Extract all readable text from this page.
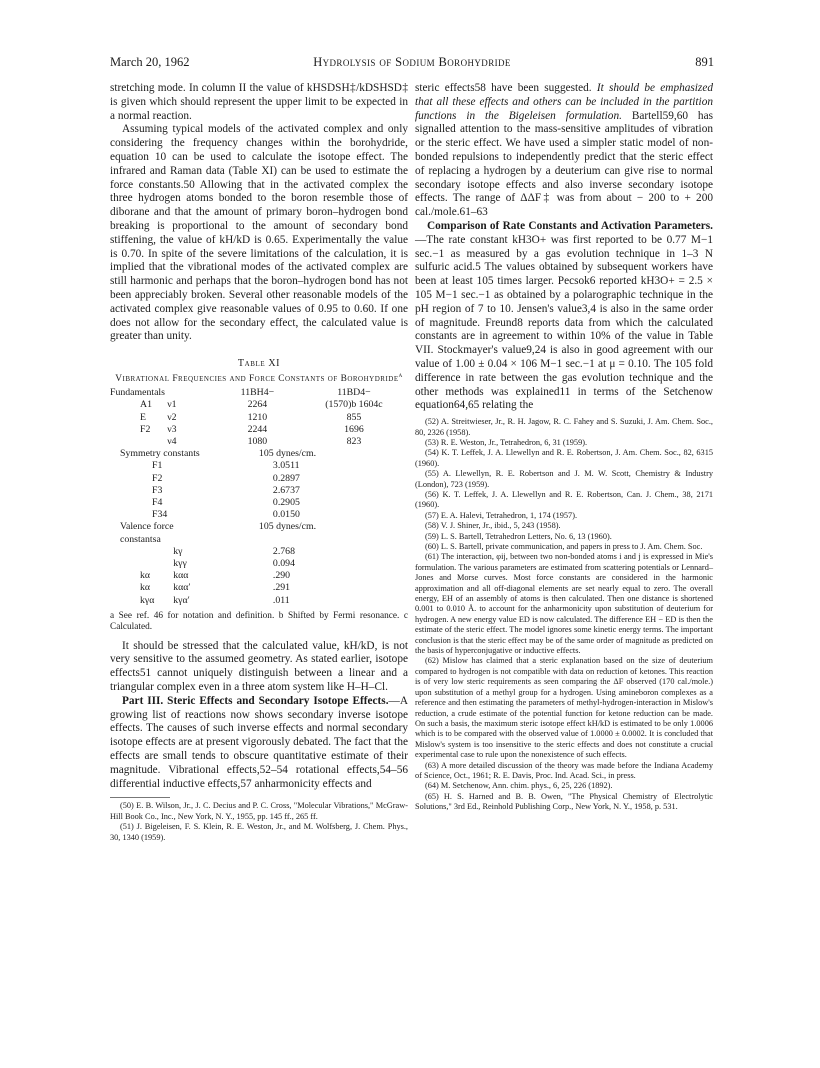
March 20, 1962	Hydrolysis of Sodium Borohydride	891

stretching mode. In column II the value of kHSDSH‡/kDSHSD‡ is given which should represent the upper limit to be expected in a normal reaction.

Assuming typical models of the activated complex and only considering the frequency changes within the borohydride, equation 10 can be used to calculate the isotope effect. The infrared and Raman data (Table XI) can be used to estimate the force constants.50 Allowing that in the activated complex the three hydrogen atoms bonded to the boron resemble those of diborane and that the amount of primary boron–hydrogen bond breaking is proportional to the amount of secondary bond stiffening, the value of kH/kD is 0.65. Experimentally the value is 0.70. In spite of the severe limitations of the calculation, it is implied that the vibrational modes of the activated complex are still harmonic and perhaps that the boron–hydrogen bond has not been appreciably broken. Several other reasonable models of the activated complex give reasonable values of 0.95 to 0.60. If one does not allow for the secondary effect, the calculated value is greater than unity.

Table XI
Vibrational Frequencies and Force Constants of Borohydride$^a$
Fundamentals		11BH4−	11BD4−
A1	ν1	2264	(1570)b 1604c
E	ν2	1210	855
F2	ν3	2244	1696
	ν4	1080	823
Symmetry constants		105 dynes/cm.	
F1		3.0511	
F2		0.2897	
F3		2.6737	
F4		0.2905	
F34		0.0150	
Valence force constantsa		105 dynes/cm.	
	kγ	2.768	
	kγγ	0.094	
kα	kαα	.290	
kα	kαα′	.291	
kγα	kγα′	.011	
a See ref. 46 for notation and definition. b Shifted by Fermi resonance. c Calculated.

It should be stressed that the calculated value, kH/kD, is not very sensitive to the assumed geometry. As stated earlier, isotope effects51 cannot uniquely distinguish between a linear and a triangular complex even in a three atom system like H–H–Cl.

Part III. Steric Effects and Secondary Isotope Effects.—A growing list of reactions now shows secondary inverse isotope effects. The causes of such inverse effects and normal secondary isotope effects are at present vigorously debated. The fact that the effects are small tends to obscure quantitative estimate of their magnitude. Vibrational effects,52–54 rotational effects,54–56 differential inductive effects,57 anharmonicity effects and

(50) E. B. Wilson, Jr., J. C. Decius and P. C. Cross, "Molecular Vibrations," McGraw-Hill Book Co., Inc., New York, N. Y., 1955, pp. 145 ff., 265 ff.

(51) J. Bigeleisen, F. S. Klein, R. E. Weston, Jr., and M. Wolfsberg, J. Chem. Phys., 30, 1340 (1959).

steric effects58 have been suggested. It should be emphasized that all these effects and others can be included in the partition functions in the Bigeleisen formulation. Bartell59,60 has signalled attention to the mass-sensitive amplitudes of vibration or the steric effect. We have used a simpler static model of non-bonded repulsions to independently predict that the steric effect of replacing a hydrogen by a deuterium can give rise to normal secondary isotope effects and also inverse secondary isotope effects. The range of ΔΔF‡ was from about − 200 to + 200 cal./mole.61–63

Comparison of Rate Constants and Activation Parameters.—The rate constant kH3O+ was first reported to be 0.77 M−1 sec.−1 as measured by a gas evolution technique in 1–3 N sulfuric acid.5 The values obtained by subsequent workers have been at least 105 times larger. Pecsok6 reported kH3O+ = 2.5 × 105 M−1 sec.−1 as obtained by a polarographic technique in the pH region of 7 to 10. Jensen's value3,4 is also in the same order of magnitude. Freund8 reports data from which the calculated constants are in agreement to within 10% of the value in Table VII. Stockmayer's value9,24 is also in good agreement with our value of 1.00 ± 0.04 × 106 M−1 sec.−1 at μ = 0.10. The 105 fold difference in rate between the gas evolution technique and the other methods was explained11 in terms of the Setchenow equation64,65 relating the

(52) A. Streitwieser, Jr., R. H. Jagow, R. C. Fahey and S. Suzuki, J. Am. Chem. Soc., 80, 2326 (1958).

(53) R. E. Weston, Jr., Tetrahedron, 6, 31 (1959).

(54) K. T. Leffek, J. A. Llewellyn and R. E. Robertson, J. Am. Chem. Soc., 82, 6315 (1960).

(55) A. Llewellyn, R. E. Robertson and J. M. W. Scott, Chemistry & Industry (London), 723 (1959).

(56) K. T. Leffek, J. A. Llewellyn and R. E. Robertson, Can. J. Chem., 38, 2171 (1960).

(57) E. A. Halevi, Tetrahedron, 1, 174 (1957).

(58) V. J. Shiner, Jr., ibid., 5, 243 (1958).

(59) L. S. Bartell, Tetrahedron Letters, No. 6, 13 (1960).

(60) L. S. Bartell, private communication, and papers in press to J. Am. Chem. Soc.

(61) The interaction, φij, between two non-bonded atoms i and j is expressed in Mie's formulation. The various parameters are estimated from scattering potentials or Lennard–Jones and Morse curves. Most force constants are considered in the harmonic approximation and all off-diagonal elements are set nearly equal to zero. The overall energy, EH of an assembly of atoms is then calculated. Then one distance is shortened 0.001 to 0.010 Å. to account for the anharmonicity upon substitution of deuterium for hydrogen. A new energy value ED is now calculated. The difference EH − ED is then the estimate of the steric effect. The model ignores some kinetic energy terms. The important conclusion is that the steric effect may be of the same order of magnitude as predicted on the basis of hyperconjugative or inductive effects.

(62) Mislow has claimed that a steric explanation based on the size of deuterium compared to hydrogen is not compatible with data on reduction of ketones. This reaction is of very low steric requirements as seen comparing the ΔF observed (170 cal./mole.) upon substitution of a methyl group for a hydrogen. Using amineboron complexes as a reference and then estimating the parameters of methyl-hydrogen-interaction in Mislow's reduction, a crude estimate of the potential function for ketone reduction can be made. On such a basis, the maximum steric isotope effect kH/kD is estimated to be only 1.0006 which is to be compared with the observed value of 1.0000 ± 0.0002. It is concluded that Mislow's system is too insensitive to the steric effects and does not constitute a crucial experimental case to rule upon the nonexistence of such effects.

(63) A more detailed discussion of the theory was made before the Indiana Academy of Science, Oct., 1961; R. E. Davis, Proc. Ind. Acad. Sci., in press.

(64) M. Setchenow, Ann. chim. phys., 6, 25, 226 (1892).

(65) H. S. Harned and B. B. Owen, "The Physical Chemistry of Electrolytic Solutions," 3rd Ed., Reinhold Publishing Corp., New York, N. Y., 1958, p. 531.
